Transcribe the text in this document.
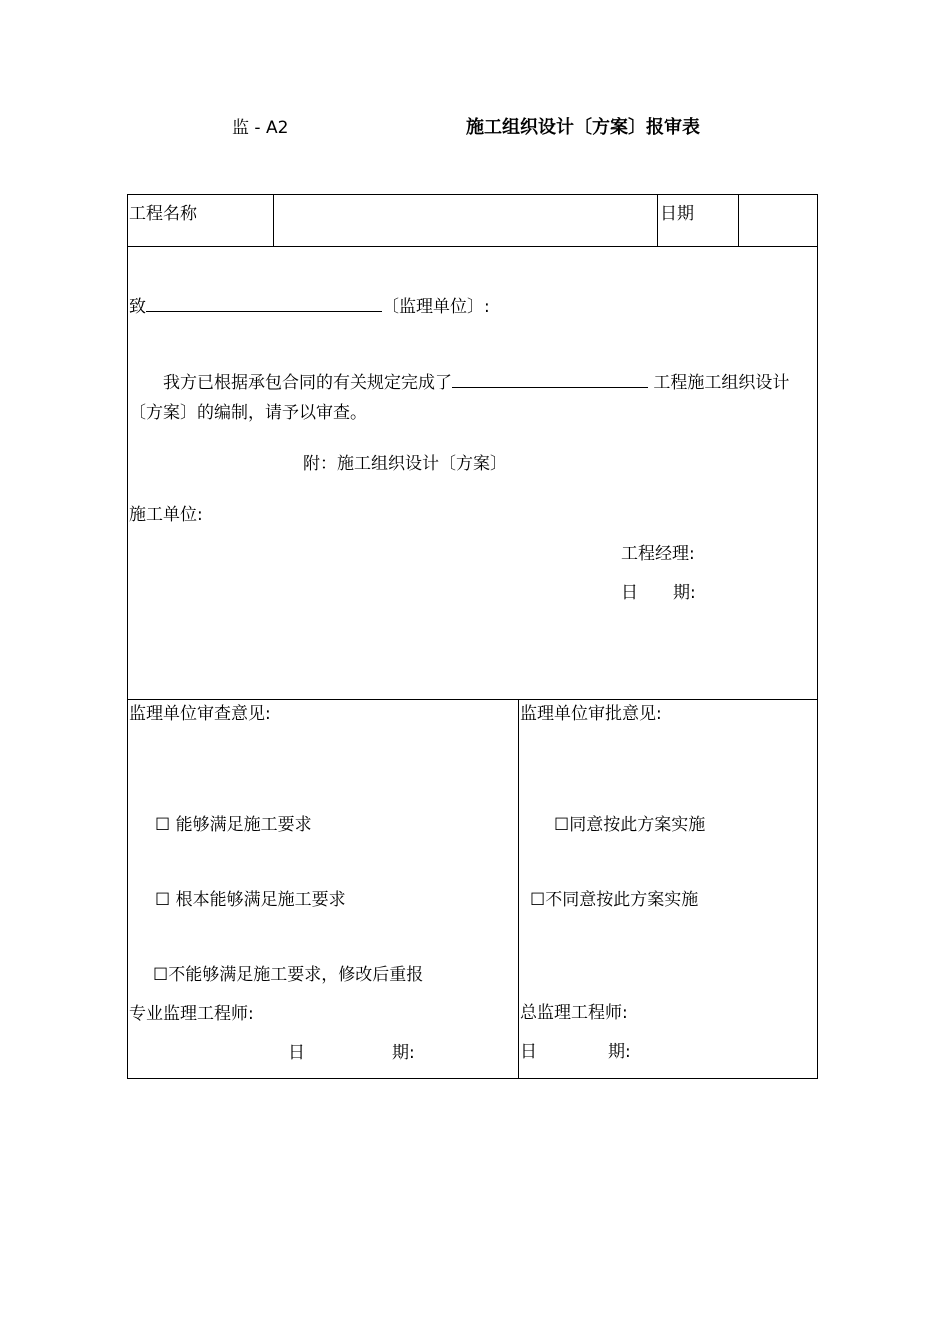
监 - A2	施工组织设计〔方案〕报审表
工程名称	日期
致	〔监理单位〕:
我方已根据承包合同的有关规定完成了	工程施工组织设计
〔方案〕的编制，请予以审查。
附：施工组织设计〔方案〕
施工单位:
工程经理:
日 期:
监理单位审查意见:
☐ 能够满足施工要求
☐ 根本能够满足施工要求
☐不能够满足施工要求，修改后重报
专业监理工程师:
日	期:
监理单位审批意见:
☐同意按此方案实施
☐不同意按此方案实施
总监理工程师:
日	期:
